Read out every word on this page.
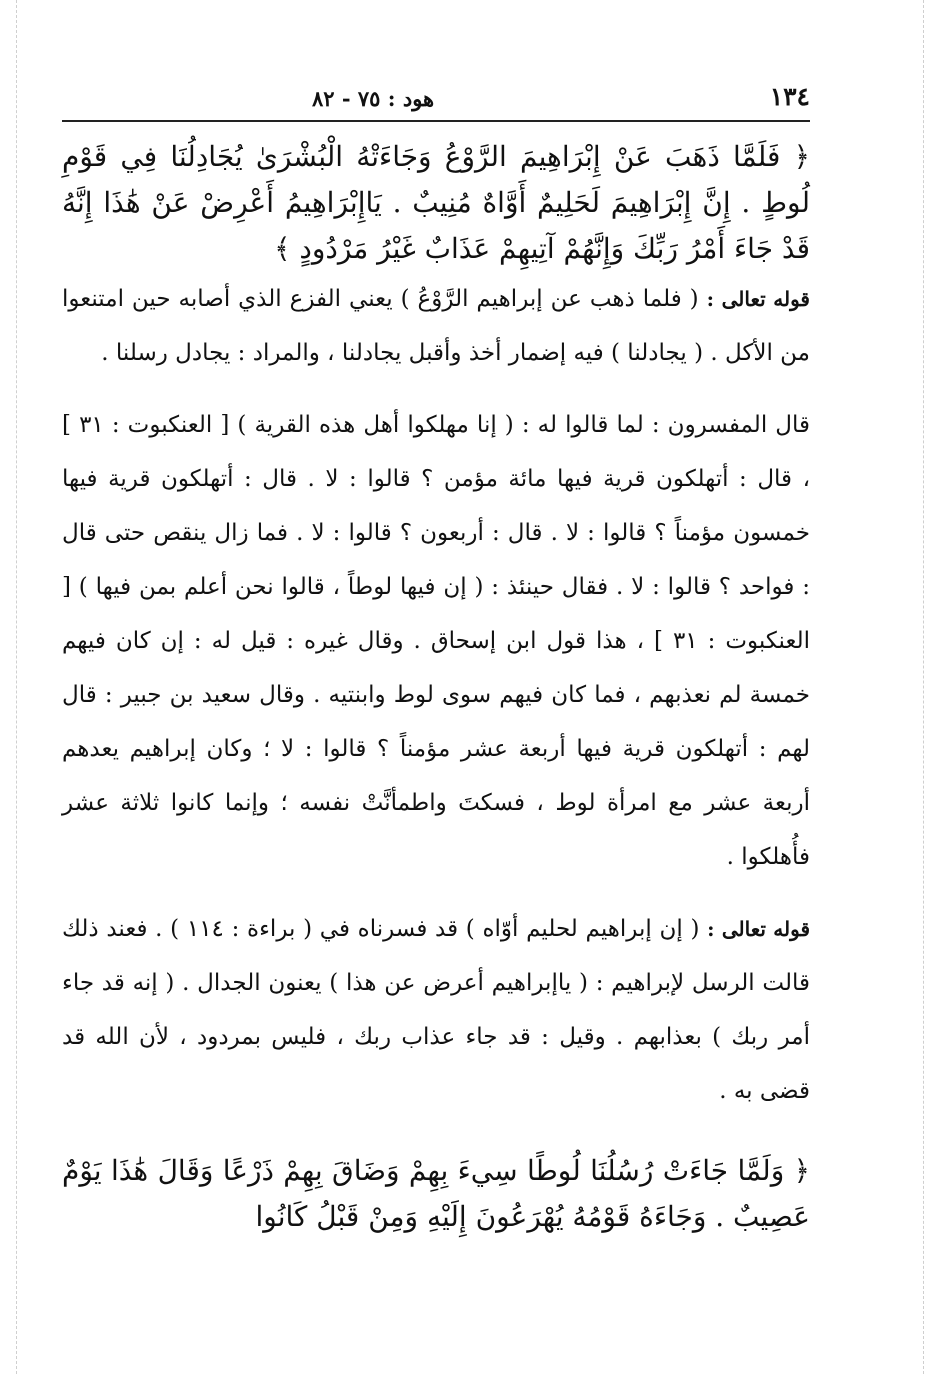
١٣٤
هود : ٧٥ - ٨٢

﴿ فَلَمَّا ذَهَبَ عَنْ إِبْرَاهِيمَ الرَّوْعُ وَجَاءَتْهُ الْبُشْرَىٰ يُجَادِلُنَا فِي قَوْمِ لُوطٍ . إِنَّ إِبْرَاهِيمَ لَحَلِيمٌ أَوَّاهٌ مُنِيبٌ . يَاإِبْرَاهِيمُ أَعْرِضْ عَنْ هَٰذَا إِنَّهُ قَدْ جَاءَ أَمْرُ رَبِّكَ وَإِنَّهُمْ آتِيهِمْ عَذَابٌ غَيْرُ مَرْدُودٍ ﴾

قوله تعالى : ( فلما ذهب عن إبراهيم الرَّوْعُ ) يعني الفزع الذي أصابه حين امتنعوا من الأكل . ( يجادلنا ) فيه إضمار أخذ وأقبل يجادلنا ، والمراد : يجادل رسلنا .

قال المفسرون : لما قالوا له : ( إنا مهلكوا أهل هذه القرية ) [ العنكبوت : ٣١ ] ، قال : أتهلكون قرية فيها مائة مؤمن ؟ قالوا : لا . قال : أتهلكون قرية فيها خمسون مؤمناً ؟ قالوا : لا . قال : أربعون ؟ قالوا : لا . فما زال ينقص حتى قال : فواحد ؟ قالوا : لا . فقال حينئذ : ( إن فيها لوطاً ، قالوا نحن أعلم بمن فيها ) [ العنكبوت : ٣١ ] ، هذا قول ابن إسحاق . وقال غيره : قيل له : إن كان فيهم خمسة لم نعذبهم ، فما كان فيهم سوى لوط وابنتيه . وقال سعيد بن جبير : قال لهم : أتهلكون قرية فيها أربعة عشر مؤمناً ؟ قالوا : لا ؛ وكان إبراهيم يعدهم أربعة عشر مع امرأة لوط ، فسكتَ واطمأنَّتْ نفسه ؛ وإنما كانوا ثلاثة عشر فأُهلكوا .

قوله تعالى : ( إن إبراهيم لحليم أوّاه ) قد فسرناه في ( براءة : ١١٤ ) . فعند ذلك قالت الرسل لإبراهيم : ( ياإبراهيم أعرض عن هذا ) يعنون الجدال . ( إنه قد جاء أمر ربك ) بعذابهم . وقيل : قد جاء عذاب ربك ، فليس بمردود ، لأن الله قد قضى به .

﴿ وَلَمَّا جَاءَتْ رُسُلُنَا لُوطًا سِيءَ بِهِمْ وَضَاقَ بِهِمْ ذَرْعًا وَقَالَ هَٰذَا يَوْمٌ عَصِيبٌ . وَجَاءَهُ قَوْمُهُ يُهْرَعُونَ إِلَيْهِ وَمِنْ قَبْلُ كَانُوا
